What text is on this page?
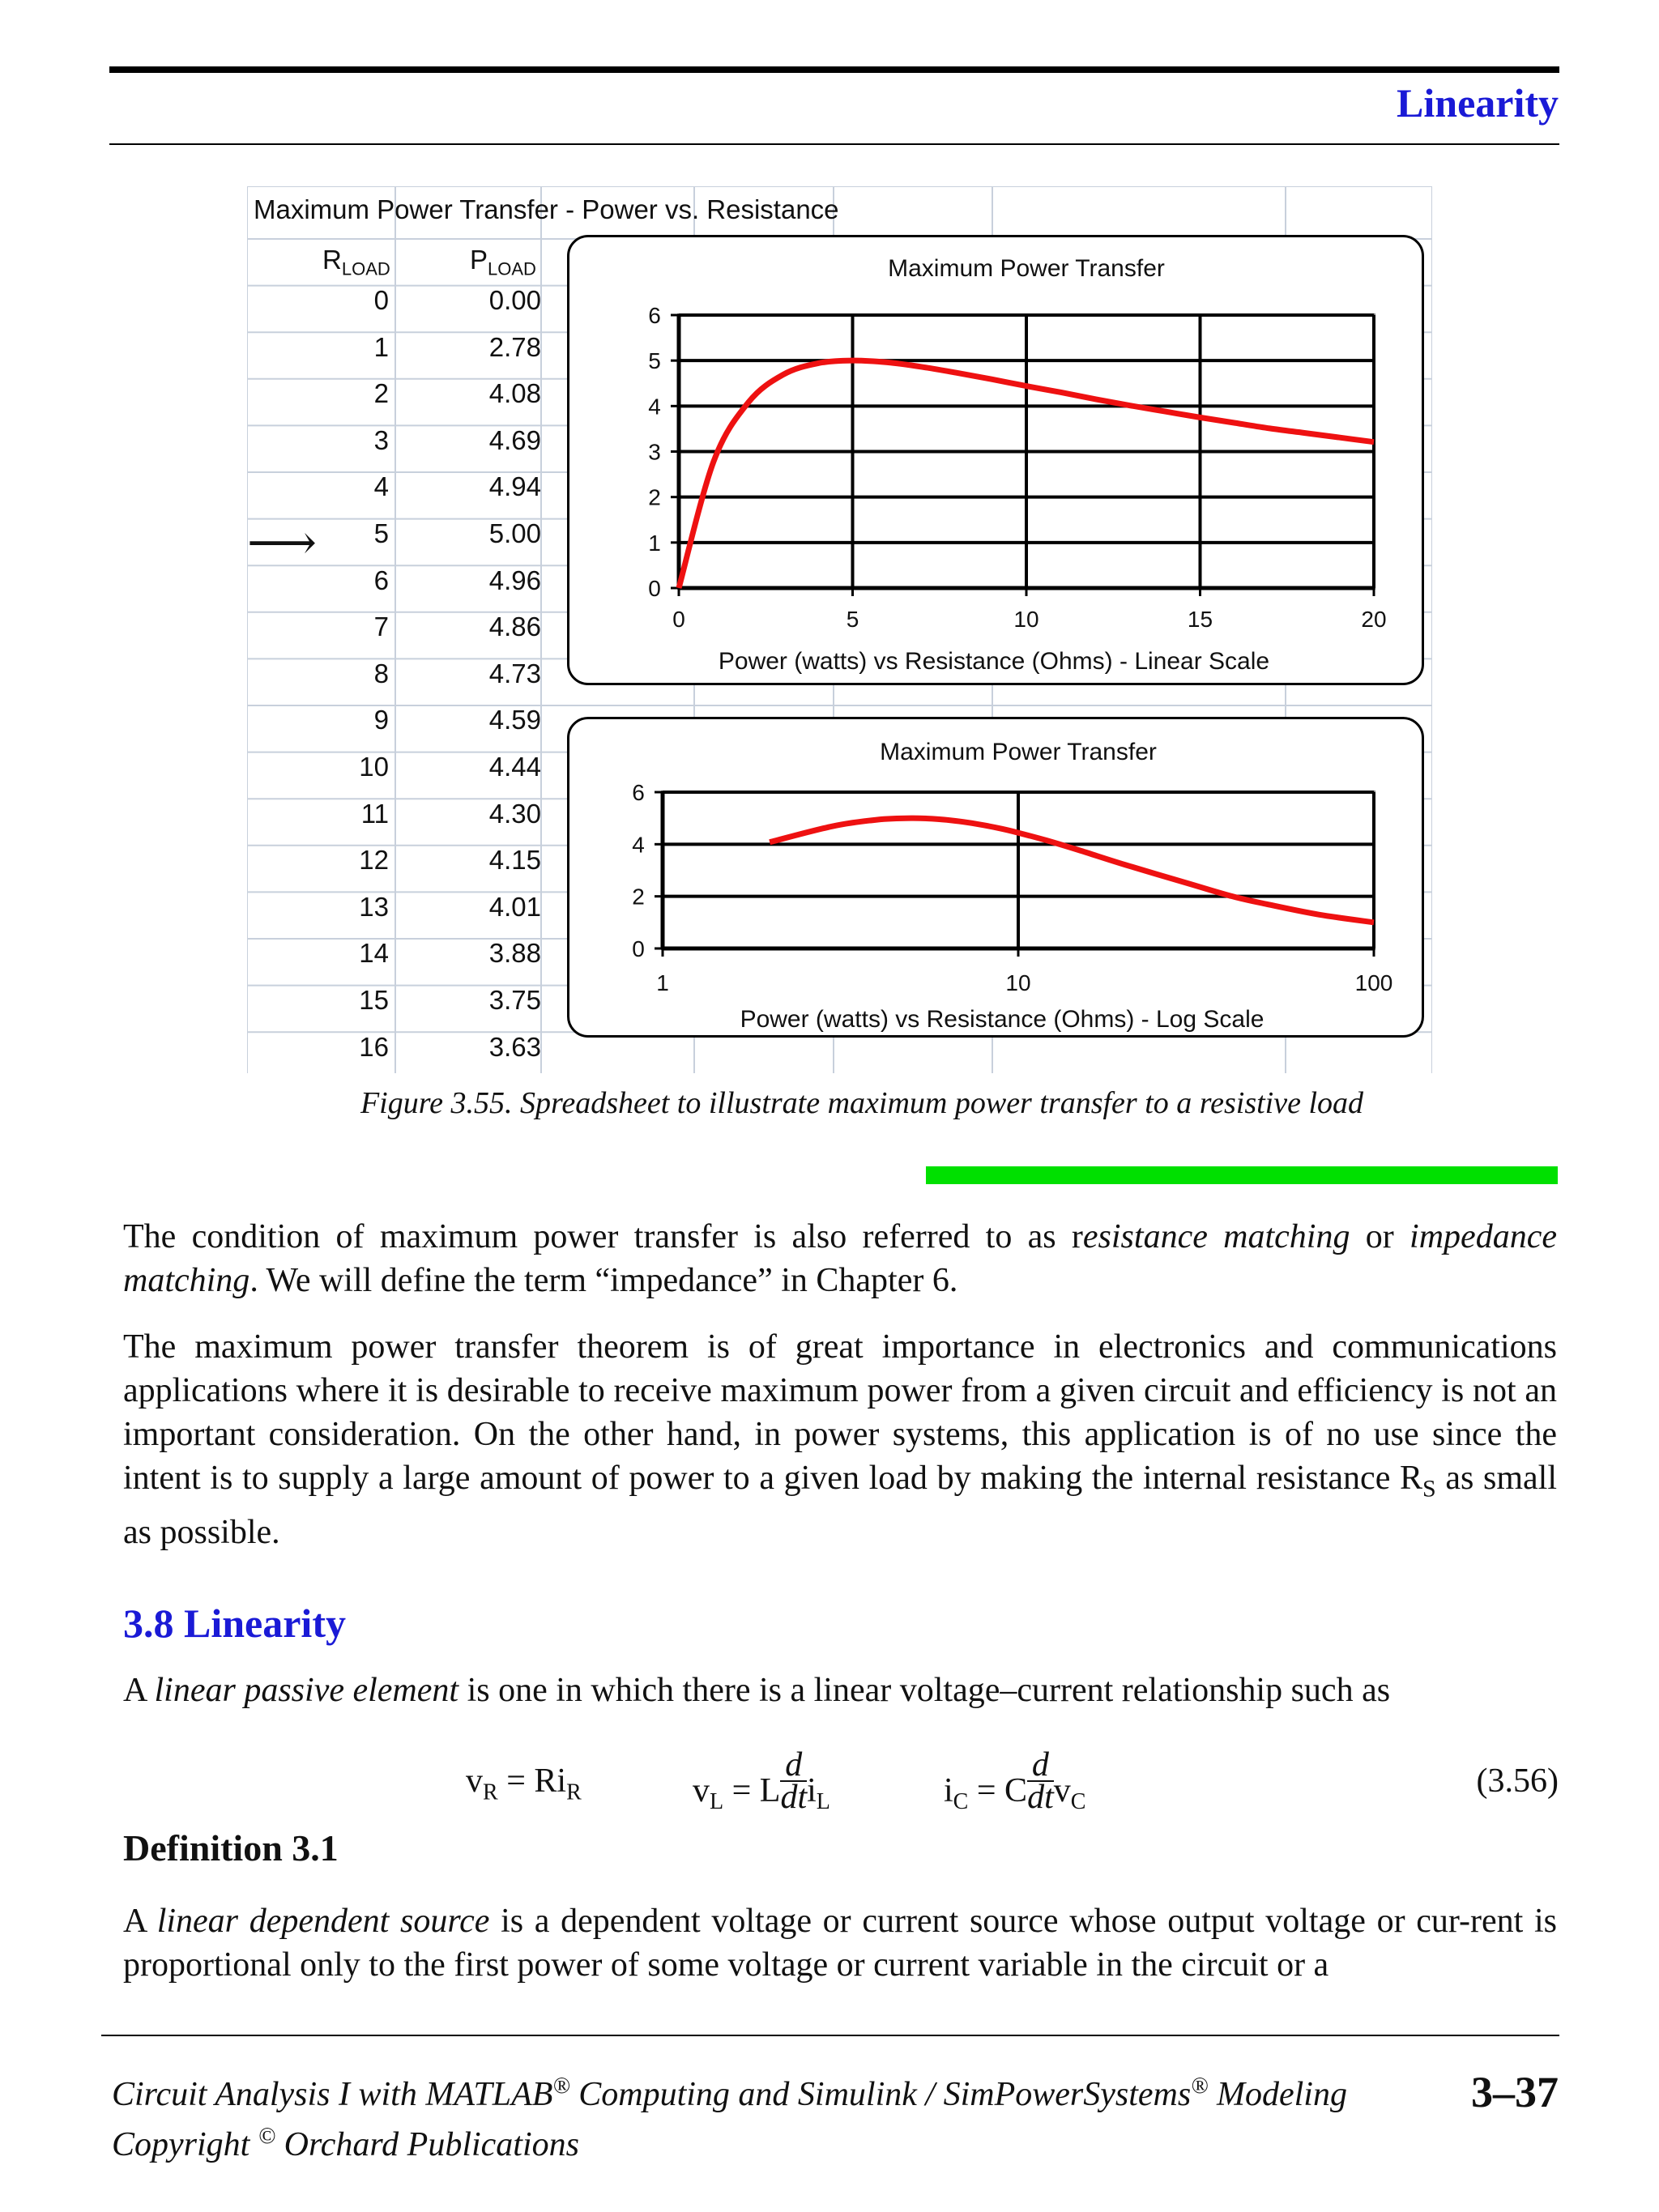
Linearity
Maximum Power Transfer - Power vs. Resistance
$R_{LOAD}$	$P_{LOAD}$
0	0.00
1	2.78
2	4.08
3	4.69
4	4.94
5	5.00
6	4.96
7	4.86
8	4.73
9	4.59
10	4.44
11	4.30
12	4.15
13	4.01
14	3.88
15	3.75
16	3.63
⟶
Maximum Power Transfer
0
1
2
3
4
5
6
0	5	10	15	20
Power (watts) vs Resistance (Ohms) - Linear Scale
Maximum Power Transfer
0
2
4
6
1	10	100
Power (watts) vs Resistance (Ohms) - Log Scale
Figure 3.55. Spreadsheet to illustrate maximum power transfer to a resistive load
The condition of maximum power transfer is also referred to as resistance matching or impedance matching. We will define the term “impedance” in Chapter 6.
The maximum power transfer theorem is of great importance in electronics and communications applications where it is desirable to receive maximum power from a given circuit and efficiency is not an important consideration. On the other hand, in power systems, this application is of no use since the intent is to supply a large amount of power to a given load by making the internal resistance $R_S$ as small as possible.
3.8 Linearity
A linear passive element is one in which there is a linear voltage–current relationship such as
$v_R = Ri_R$	$v_L = L \frac{d}{dt} i_L$	$i_C = C \frac{d}{dt} v_C$
(3.56)
Definition 3.1
A linear dependent source is a dependent voltage or current source whose output voltage or cur-rent is proportional only to the first power of some voltage or current variable in the circuit or a
Circuit Analysis I with MATLAB® Computing and Simulink / SimPowerSystems® Modeling
Copyright © Orchard Publications
3–37
